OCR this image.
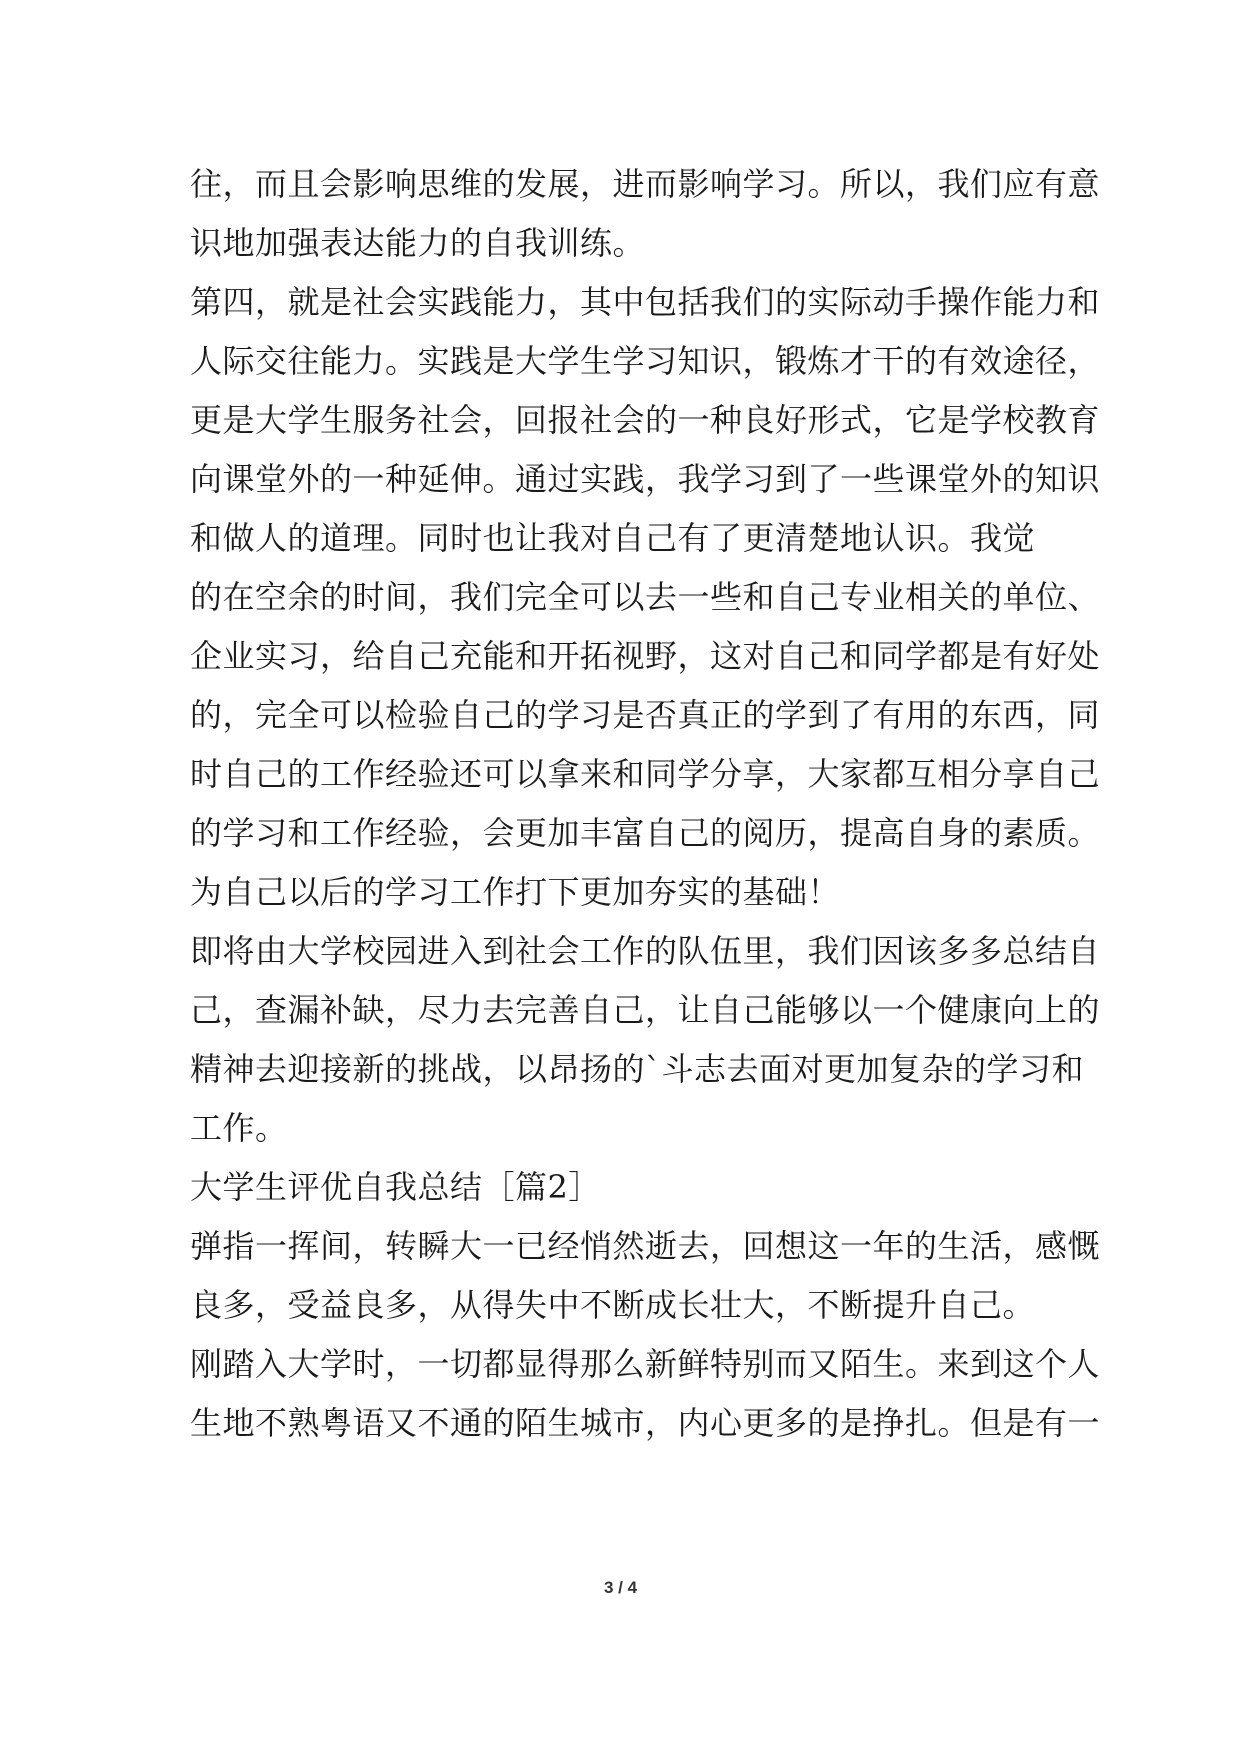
往，而且会影响思维的发展，进而影响学习。所以，我们应有意
识地加强表达能力的自我训练。
第四，就是社会实践能力，其中包括我们的实际动手操作能力和
人际交往能力。实践是大学生学习知识，锻炼才干的有效途径，
更是大学生服务社会，回报社会的一种良好形式，它是学校教育
向课堂外的一种延伸。通过实践，我学习到了一些课堂外的知识
和做人的道理。同时也让我对自己有了更清楚地认识。我觉
的在空余的时间，我们完全可以去一些和自己专业相关的单位、
企业实习，给自己充能和开拓视野，这对自己和同学都是有好处
的，完全可以检验自己的学习是否真正的学到了有用的东西，同
时自己的工作经验还可以拿来和同学分享，大家都互相分享自己
的学习和工作经验，会更加丰富自己的阅历，提高自身的素质。
为自己以后的学习工作打下更加夯实的基础！
即将由大学校园进入到社会工作的队伍里，我们因该多多总结自
己，查漏补缺，尽力去完善自己，让自己能够以一个健康向上的
精神去迎接新的挑战，以昂扬的`斗志去面对更加复杂的学习和
工作。
大学生评优自我总结［篇2］
弹指一挥间，转瞬大一已经悄然逝去，回想这一年的生活，感慨
良多，受益良多，从得失中不断成长壮大，不断提升自己。
刚踏入大学时，一切都显得那么新鲜特别而又陌生。来到这个人
生地不熟粤语又不通的陌生城市，内心更多的是挣扎。但是有一
3 / 4
